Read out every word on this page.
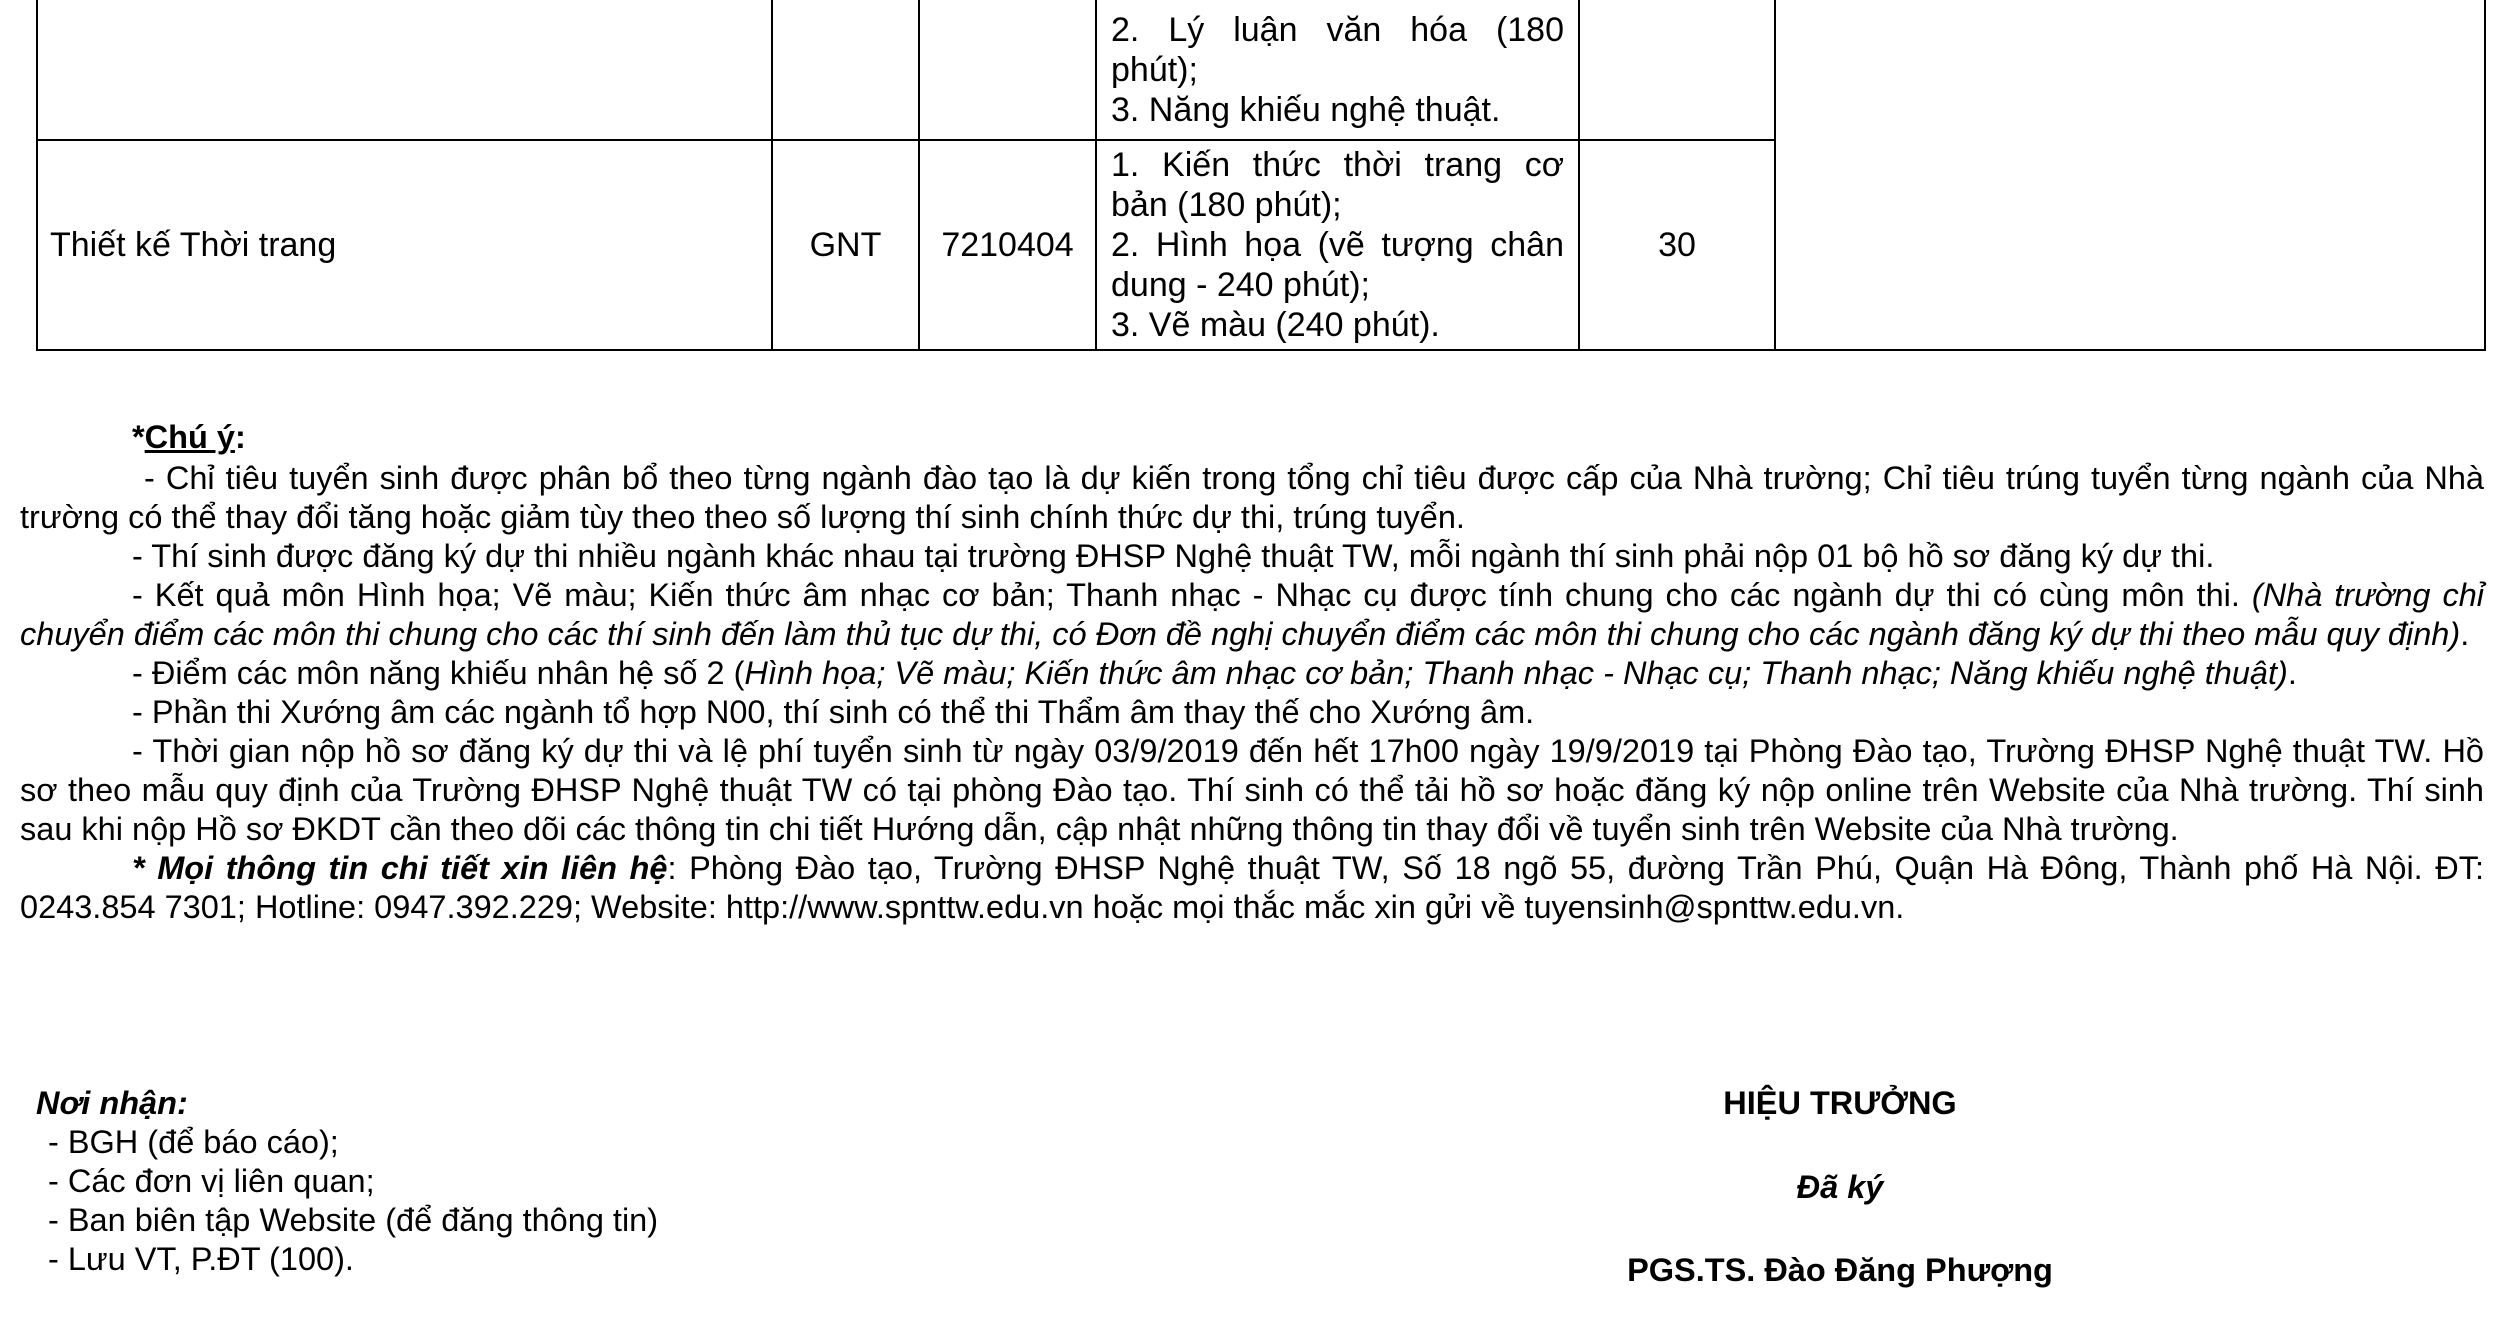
			2. Lý luận văn hóa (180
phút);
3. Năng khiếu nghệ thuật.		

Thiết kế Thời trang	GNT	7210404	1. Kiến thức thời trang cơ
bản (180 phút);
2. Hình họa (vẽ tượng chân
dung - 240 phút);
3. Vẽ màu (240 phút).	30	
*Chú ý:

- Chỉ tiêu tuyển sinh được phân bổ theo từng ngành đào tạo là dự kiến trong tổng chỉ tiêu được cấp của Nhà trường; Chỉ tiêu trúng tuyển từng ngành của Nhà trường có thể thay đổi tăng hoặc giảm tùy theo theo số lượng thí sinh chính thức dự thi, trúng tuyển.

- Thí sinh được đăng ký dự thi nhiều ngành khác nhau tại trường ĐHSP Nghệ thuật TW, mỗi ngành thí sinh phải nộp 01 bộ hồ sơ đăng ký dự thi.

- Kết quả môn Hình họa; Vẽ màu; Kiến thức âm nhạc cơ bản; Thanh nhạc - Nhạc cụ được tính chung cho các ngành dự thi có cùng môn thi. (Nhà trường chỉ chuyển điểm các môn thi chung cho các thí sinh đến làm thủ tục dự thi, có Đơn đề nghị chuyển điểm các môn thi chung cho các ngành đăng ký dự thi theo mẫu quy định).

- Điểm các môn năng khiếu nhân hệ số 2 (Hình họa; Vẽ màu; Kiến thức âm nhạc cơ bản; Thanh nhạc - Nhạc cụ; Thanh nhạc; Năng khiếu nghệ thuật).

- Phần thi Xướng âm các ngành tổ hợp N00, thí sinh có thể thi Thẩm âm thay thế cho Xướng âm.

- Thời gian nộp hồ sơ đăng ký dự thi và lệ phí tuyển sinh từ ngày 03/9/2019 đến hết 17h00 ngày 19/9/2019 tại Phòng Đào tạo, Trường ĐHSP Nghệ thuật TW. Hồ sơ theo mẫu quy định của Trường ĐHSP Nghệ thuật TW có tại phòng Đào tạo. Thí sinh có thể tải hồ sơ hoặc đăng ký nộp online trên Website của Nhà trường. Thí sinh sau khi nộp Hồ sơ ĐKDT cần theo dõi các thông tin chi tiết Hướng dẫn, cập nhật những thông tin thay đổi về tuyển sinh trên Website của Nhà trường.

* Mọi thông tin chi tiết xin liên hệ: Phòng Đào tạo, Trường ĐHSP Nghệ thuật TW, Số 18 ngõ 55, đường Trần Phú, Quận Hà Đông, Thành phố Hà Nội. ĐT: 0243.854 7301; Hotline: 0947.392.229; Website: http://www.spnttw.edu.vn hoặc mọi thắc mắc xin gửi về tuyensinh@spnttw.edu.vn.

Nơi nhận:
- BGH (để báo cáo);
- Các đơn vị liên quan;
- Ban biên tập Website (để đăng thông tin)
- Lưu VT, P.ĐT (100).
HIỆU TRƯỞNG
Đã ký
PGS.TS. Đào Đăng Phượng
